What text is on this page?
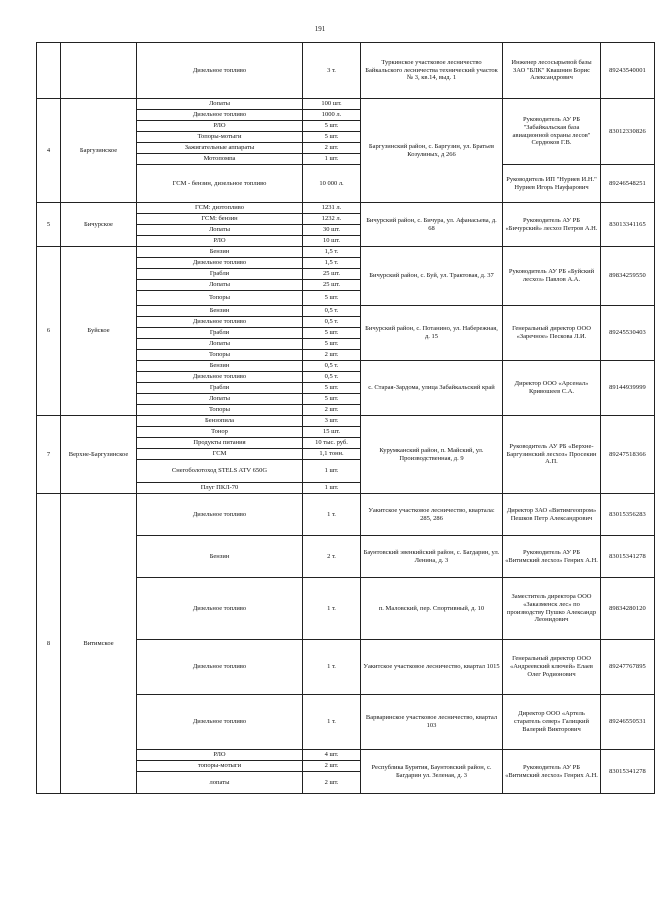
191
		Дизельное топливо	3 т.	Туркинское участковое лесничество Байкальского лесничества технический участок № 3, кв.14, выд. 1	Инженер лесосырьевой базы ЗАО "БЛК" Квашнин Борис Александрович	89243540001
4	Баргузинское	Лопаты	100 шт.	Баргузинский район, с. Баргузин, ул. Братьев Козулиных, д 266	Руководитель АУ РБ "Забайкальская база авиационной охраны лесов" Сердюков Г.В.	83012330826
		Дизельное топливо	1000 л.			
		РЛО	5 шт.			
		Топоры-мотыги	5 шт.			
		Зажигательные аппараты	2 шт.			
		Мотопомпа	1 шт.			
		ГСМ - бензин, дизельное топливо	10 000 л.		Руководитель ИП "Нуриев И.Н." Нуриев Игорь Науфарович	89246548251
5	Бичурское	ГСМ: дизтопливо	1231 л.	Бичурский район, с. Бичура, ул. Афанасьева, д. 68	Руководитель АУ РБ «Бичурский» лесхоз Петров А.Н.	83013341165
		ГСМ: бензин	1232 л.			
		Лопаты	30 шт.			
		РЛО	10 шт.			
6	Буйское	Бензин	1,5 т.	Бичурский район, с. Буй, ул. Трактовая, д. 37	Руководитель АУ РБ «Буйский лесхоз» Павлов А.А.	89834259550
		Дизельное топливо	1,5 т.			
		Грабли	25 шт.			
		Лопаты	25 шт.			
		Топоры	5 шт.			
		Бензин	0,5 т.	Бичурский район, с. Потанино, ул. Набережная, д. 15	Генеральный директор ООО «Заречное» Пескова Л.И.	89245530403
		Дизельное топливо	0,5 т.			
		Грабли	5 шт.			
		Лопаты	5 шт.			
		Топоры	2 шт.			
		Бензин	0,5 т.	с. Старая-Зардома, улица Забайкальский край	Директор ООО «Арсенал» Кривошеев С.А.	89144939999
		Дизельное топливо	0,5 т.			
		Грабли	5 шт.			
		Лопаты	5 шт.			
		Топоры	2 шт.			
7	Верхне-Баргузинское	Бензопила	3 шт.	Курумканский район, п. Майский, ул. Производственная, д. 9	Руководитель АУ РБ «Верхне-Баргузинский лесхоз» Просекин А.П.	89247518366
		Тонор	15 шт.			
		Продукты питания	10 тыс. руб.			
		ГСМ	1,1 тонн.			
		Снегоболотоход STELS ATV 650G	1 шт.			
		Плуг ПКЛ-70	1 шт.			
8	Витимское	Дизельное топливо	1 т.	Уакитское участковое лесничество, квартала: 285, 286	Директор ЗАО «Витимгеопром» Пешков Петр Александрович	83015356283
		Бензин	2 т.	Баунтовский эвенкийский район, с. Багдарин, ул. Ленина, д. 3	Руководитель АУ РБ «Витимский лесхоз» Генрих А.Н.	83015341278
		Дизельное топливо	1 т.	п. Маловский, пер. Спортивный, д. 10	Заместитель директора ООО «Заказменск лес» по производству Пушко Александр Леонидович	89834280120
		Дизельное топливо	1 т.	Уакитское участковое лесничество, квартал 1015	Генеральный директор ООО «Андреевский ключей» Елаев Олег Родионович	89247767895
		Дизельное топливо	1 т.	Варваринское участковое лесничество, квартал 103	Директор ООО «Артель старатель север» Галицкий Валерий Викторович	89246550531
		РЛО	4 шт.	Республика Бурятия, Баунтовский район, с. Багдарин ул. Зеленая, д. 3	Руководитель АУ РБ «Витимский лесхоз» Генрих А.Н.	83015341278
		топоры-мотыги	2 шт.			
		лопаты	2 шт.			
